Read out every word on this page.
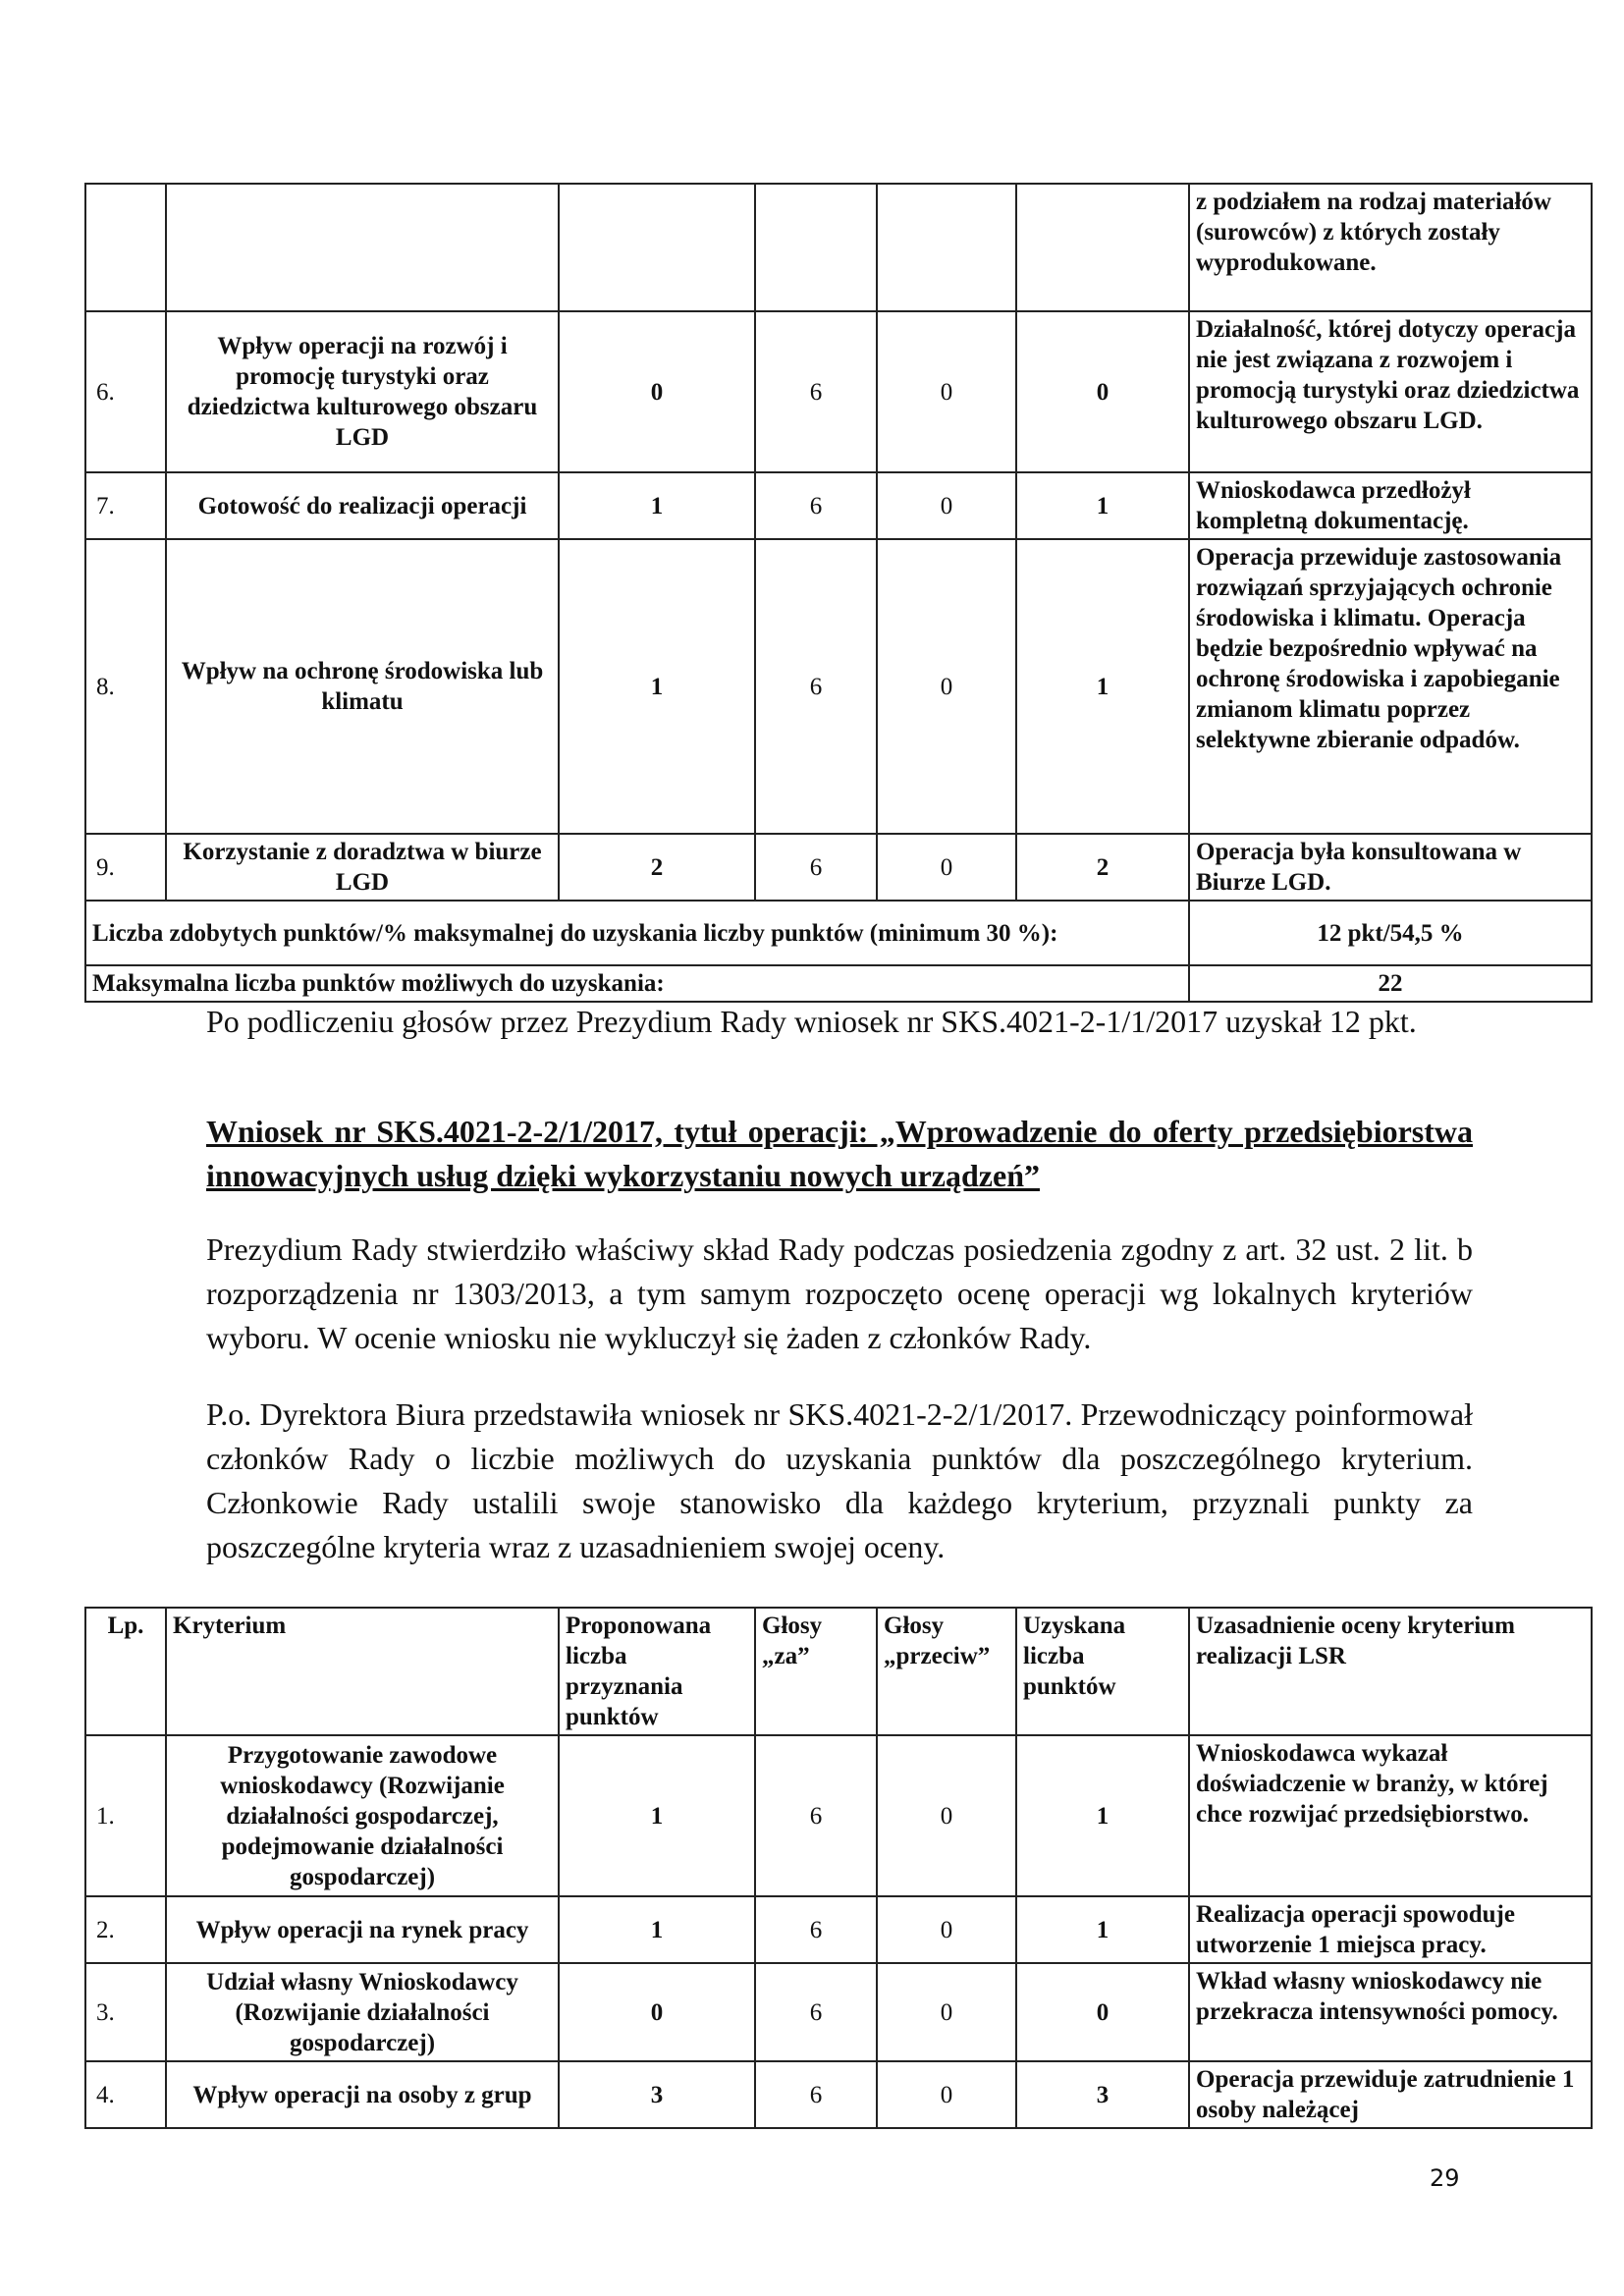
						z podziałem na rodzaj materiałów (surowców) z których zostały wyprodukowane.
6.	Wpływ operacji na rozwój i promocję turystyki oraz dziedzictwa kulturowego obszaru LGD	0	6	0	0	Działalność, której dotyczy operacja nie jest związana z rozwojem i promocją turystyki oraz dziedzictwa kulturowego obszaru LGD.
7.	Gotowość do realizacji operacji	1	6	0	1	Wnioskodawca przedłożył kompletną dokumentację.
8.	Wpływ na ochronę środowiska lub klimatu	1	6	0	1	Operacja przewiduje zastosowania rozwiązań sprzyjających ochronie środowiska i klimatu. Operacja będzie bezpośrednio wpływać na ochronę środowiska i zapobieganie zmianom klimatu poprzez selektywne zbieranie odpadów.
9.	Korzystanie z doradztwa w biurze LGD	2	6	0	2	Operacja była konsultowana w Biurze LGD.
Liczba zdobytych punktów/% maksymalnej do uzyskania liczby punktów (minimum 30 %):						12 pkt/54,5 %
Maksymalna liczba punktów możliwych do uzyskania:						22
Po podliczeniu głosów przez Prezydium Rady wniosek nr SKS.4021-2-1/1/2017 uzyskał 12 pkt.
Wniosek nr SKS.4021-2-2/1/2017, tytuł operacji: „Wprowadzenie do oferty przedsiębiorstwa innowacyjnych usług dzięki wykorzystaniu nowych urządzeń”
Prezydium Rady stwierdziło właściwy skład Rady podczas posiedzenia zgodny z art. 32 ust. 2 lit. b rozporządzenia nr 1303/2013, a tym samym rozpoczęto ocenę operacji wg lokalnych kryteriów wyboru. W ocenie wniosku nie wykluczył się żaden z członków Rady.
P.o. Dyrektora Biura przedstawiła wniosek nr SKS.4021-2-2/1/2017. Przewodniczący poinformował członków Rady o liczbie możliwych do uzyskania punktów dla poszczególnego kryterium. Członkowie Rady ustalili swoje stanowisko dla każdego kryterium, przyznali punkty za poszczególne kryteria wraz z uzasadnieniem swojej oceny.
Lp.	Kryterium	Proponowana liczba przyznania punktów	Głosy „za”	Głosy „przeciw”	Uzyskana liczba punktów	Uzasadnienie oceny kryterium realizacji LSR
1.	Przygotowanie zawodowe wnioskodawcy (Rozwijanie działalności gospodarczej, podejmowanie działalności gospodarczej)	1	6	0	1	Wnioskodawca wykazał doświadczenie w branży, w której chce rozwijać przedsiębiorstwo.
2.	Wpływ operacji na rynek pracy	1	6	0	1	Realizacja operacji spowoduje utworzenie 1 miejsca pracy.
3.	Udział własny Wnioskodawcy (Rozwijanie działalności gospodarczej)	0	6	0	0	Wkład własny wnioskodawcy nie przekracza intensywności pomocy.
4.	Wpływ operacji na osoby z grup	3	6	0	3	Operacja przewiduje zatrudnienie 1 osoby należącej
29
